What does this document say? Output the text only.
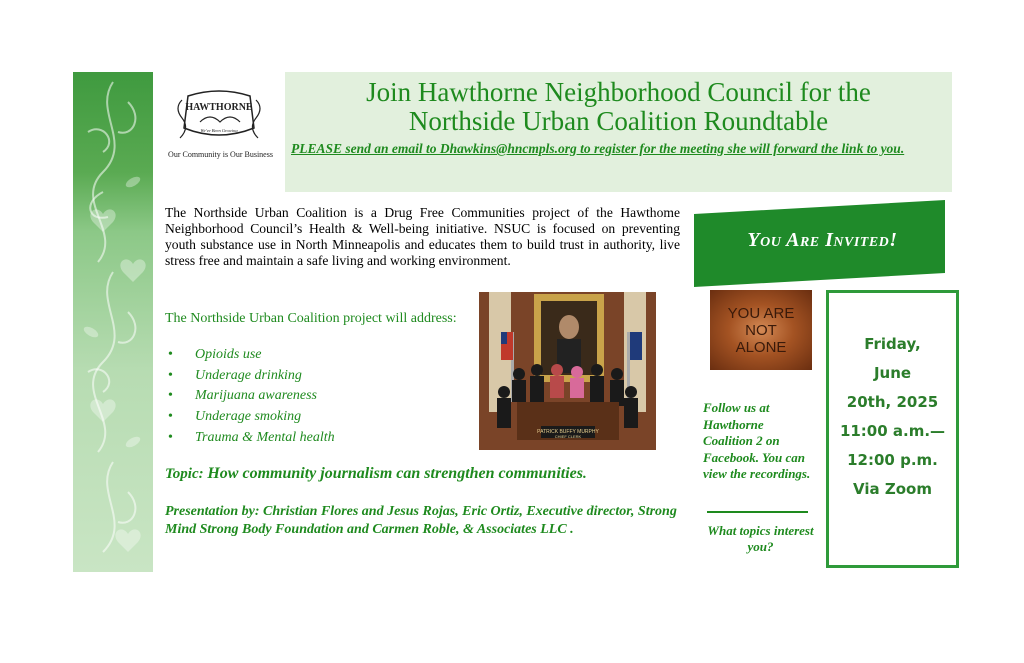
HAWTHORNE
We've Been Growing
Our Community is Our Business
Join Hawthorne Neighborhood Council for the
Northside Urban Coalition Roundtable
PLEASE send an email to Dhawkins@hncmpls.org to register for the meeting she will forward the link to you.
The Northside Urban Coalition is a Drug Free Communities project of the Hawthome Neighborhood Council’s Health & Well-being initiative. NSUC is focused on preventing youth substance use in North Minneapolis and educates them to build trust in authority, live stress free and maintain a safe living and working environment.
The Northside Urban Coalition project will address:
• Opioids use
• Underage drinking
• Marijuana awareness
• Underage smoking
• Trauma & Mental health	PATRICK BUFFY MURPHY
CHIEF CLERK
Topic: How community journalism can strengthen communities.
Presentation by: Christian Flores and Jesus Rojas, Eric Ortiz, Executive director, Strong Mind Strong Body Foundation and Carmen Roble, & Associates LLC .
You Are Invited!
YOU ARE
NOT
ALONE
Follow us at Hawthorne Coalition 2 on Facebook. You can view the recordings.
What topics interest you?
Friday,
June
20th, 2025
11:00 a.m.—
12:00 p.m.
Via Zoom
